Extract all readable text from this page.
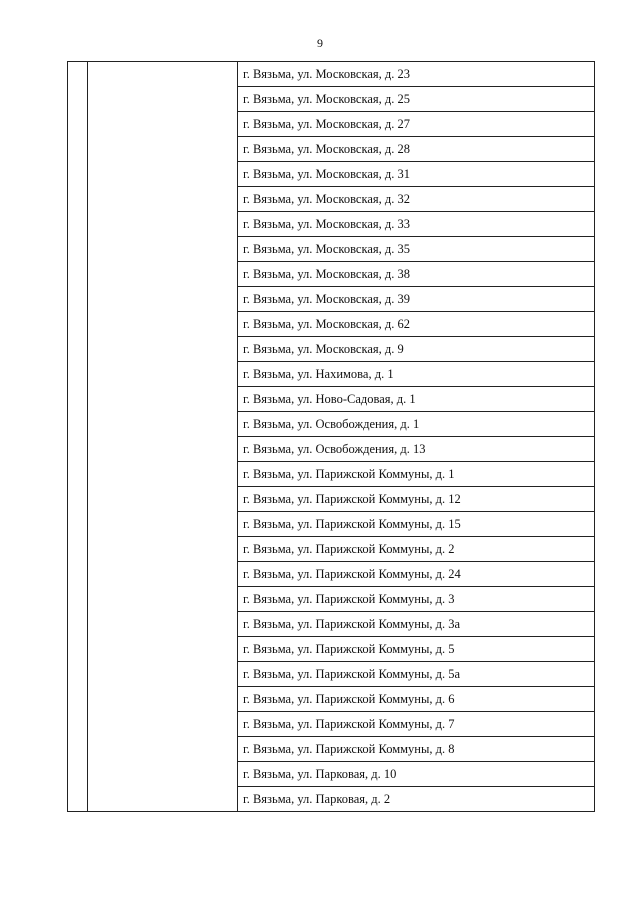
9
		г. Вязьма, ул. Московская, д. 23
г. Вязьма, ул. Московская, д. 25
г. Вязьма, ул. Московская, д. 27
г. Вязьма, ул. Московская, д. 28
г. Вязьма, ул. Московская, д. 31
г. Вязьма, ул. Московская, д. 32
г. Вязьма, ул. Московская, д. 33
г. Вязьма, ул. Московская, д. 35
г. Вязьма, ул. Московская, д. 38
г. Вязьма, ул. Московская, д. 39
г. Вязьма, ул. Московская, д. 62
г. Вязьма, ул. Московская, д. 9
г. Вязьма, ул. Нахимова, д. 1
г. Вязьма, ул. Ново-Садовая, д. 1
г. Вязьма, ул. Освобождения, д. 1
г. Вязьма, ул. Освобождения, д. 13
г. Вязьма, ул. Парижской Коммуны, д. 1
г. Вязьма, ул. Парижской Коммуны, д. 12
г. Вязьма, ул. Парижской Коммуны, д. 15
г. Вязьма, ул. Парижской Коммуны, д. 2
г. Вязьма, ул. Парижской Коммуны, д. 24
г. Вязьма, ул. Парижской Коммуны, д. 3
г. Вязьма, ул. Парижской Коммуны, д. 3а
г. Вязьма, ул. Парижской Коммуны, д. 5
г. Вязьма, ул. Парижской Коммуны, д. 5а
г. Вязьма, ул. Парижской Коммуны, д. 6
г. Вязьма, ул. Парижской Коммуны, д. 7
г. Вязьма, ул. Парижской Коммуны, д. 8
г. Вязьма, ул. Парковая, д. 10
г. Вязьма, ул. Парковая, д. 2
